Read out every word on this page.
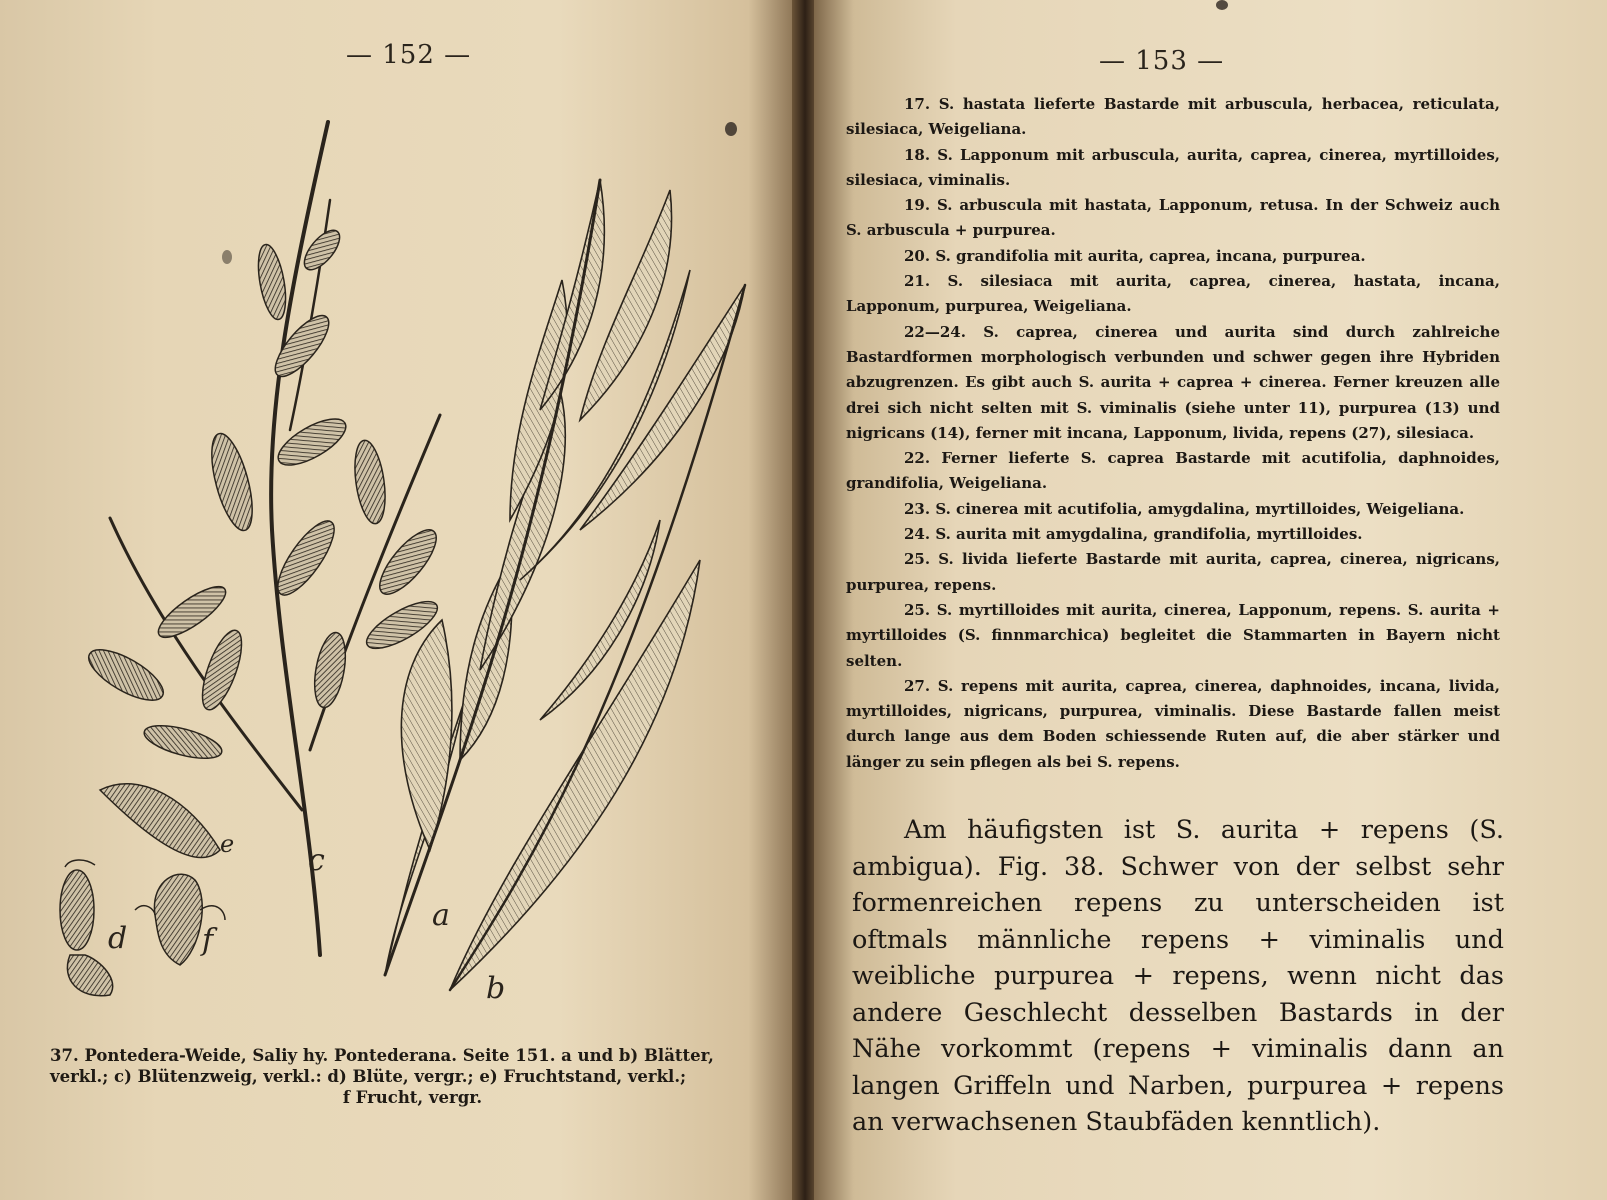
— 152 —
d
e
f
c
a
b
37. Pontedera-Weide, Saliy hy. Pontederana. Seite 151. a und b) Blätter,
verkl.; c) Blütenzweig, verkl.: d) Blüte, vergr.; e) Fruchtstand, verkl.;
f Frucht, vergr.
— 153 —

17. S. hastata lieferte Bastarde mit arbuscula, herbacea, reticulata, silesiaca, Weigeliana.

18. S. Lapponum mit arbuscula, aurita, caprea, cinerea, myrtilloides, silesiaca, viminalis.

19. S. arbuscula mit hastata, Lapponum, retusa. In der Schweiz auch S. arbuscula + purpurea.

20. S. grandifolia mit aurita, caprea, incana, purpurea.

21. S. silesiaca mit aurita, caprea, cinerea, hastata, incana, Lapponum, purpurea, Weigeliana.

22—24. S. caprea, cinerea und aurita sind durch zahlreiche Bastardformen morphologisch verbunden und schwer gegen ihre Hybriden abzugrenzen. Es gibt auch S. aurita + caprea + cinerea. Ferner kreuzen alle drei sich nicht selten mit S. viminalis (siehe unter 11), purpurea (13) und nigricans (14), ferner mit incana, Lapponum, livida, repens (27), silesiaca.

22. Ferner lieferte S. caprea Bastarde mit acutifolia, daphnoides, grandifolia, Weigeliana.

23. S. cinerea mit acutifolia, amygdalina, myrtilloides, Weigeliana.

24. S. aurita mit amygdalina, grandifolia, myrtilloides.

25. S. livida lieferte Bastarde mit aurita, caprea, cinerea, nigricans, purpurea, repens.

25. S. myrtilloides mit aurita, cinerea, Lapponum, repens. S. aurita + myrtilloides (S. finnmarchica) begleitet die Stammarten in Bayern nicht selten.

27. S. repens mit aurita, caprea, cinerea, daphnoides, incana, livida, myrtilloides, nigricans, purpurea, viminalis. Diese Bastarde fallen meist durch lange aus dem Boden schiessende Ruten auf, die aber stärker und länger zu sein pflegen als bei S. repens.

Am häufigsten ist S. aurita + repens (S. ambigua). Fig. 38. Schwer von der selbst sehr formenreichen repens zu unterscheiden ist oftmals männliche repens + viminalis und weibliche purpurea + repens, wenn nicht das andere Geschlecht desselben Bastards in der Nähe vorkommt (repens + viminalis dann an langen Griffeln und Narben, purpurea + repens an verwachsenen Staubfäden kenntlich).
